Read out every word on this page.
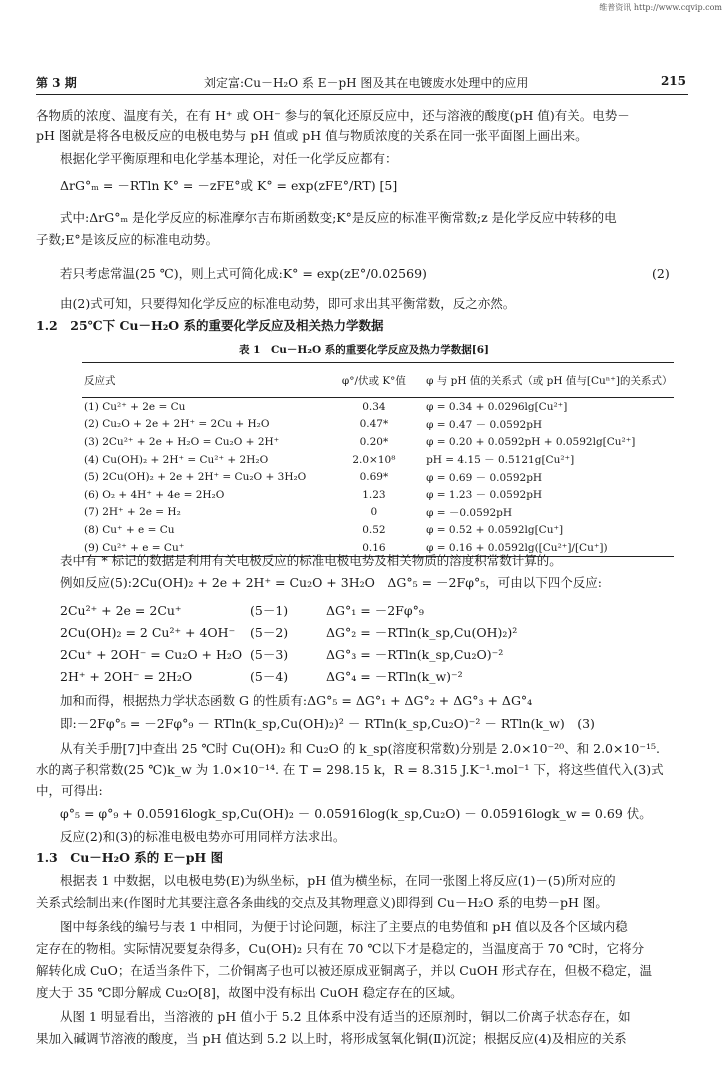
维普资讯 http://www.cqvip.com
第 3 期	刘定富:Cu－H₂O 系 E－pH 图及其在电镀废水处理中的应用	215
各物质的浓度、温度有关，在有 H⁺ 或 OH⁻ 参与的氧化还原反应中，还与溶液的酸度(pH 值)有关。电势－
pH 图就是将各电极反应的电极电势与 pH 值或 pH 值与物质浓度的关系在同一张平面图上画出来。
根据化学平衡原理和电化学基本理论，对任一化学反应都有：
ΔrG°ₘ = －RTln K° = －zFE°或 K° = exp(zFE°/RT) [5]
式中:ΔrG°ₘ 是化学反应的标准摩尔吉布斯函数变;K°是反应的标准平衡常数;z 是化学反应中转移的电
子数;E°是该反应的标准电动势。
若只考虑常温(25 ℃)，则上式可简化成:K° = exp(zE°/0.02569)	(2)
由(2)式可知，只要得知化学反应的标准电动势，即可求出其平衡常数，反之亦然。
1.2　25℃下 Cu－H₂O 系的重要化学反应及相关热力学数据
表 1　Cu－H₂O 系的重要化学反应及热力学数据[6]
反应式	φ°/伏或 K°值	φ 与 pH 值的关系式（或 pH 值与[Cuⁿ⁺]的关系式）
(1) Cu²⁺ + 2e = Cu	0.34	φ = 0.34 + 0.0296lg[Cu²⁺]
(2) Cu₂O + 2e + 2H⁺ = 2Cu + H₂O	0.47*	φ = 0.47 － 0.0592pH
(3) 2Cu²⁺ + 2e + H₂O = Cu₂O + 2H⁺	0.20*	φ = 0.20 + 0.0592pH + 0.0592lg[Cu²⁺]
(4) Cu(OH)₂ + 2H⁺ = Cu²⁺ + 2H₂O	2.0×10⁸	pH = 4.15 － 0.5121g[Cu²⁺]
(5) 2Cu(OH)₂ + 2e + 2H⁺ = Cu₂O + 3H₂O	0.69*	φ = 0.69 － 0.0592pH
(6) O₂ + 4H⁺ + 4e = 2H₂O	1.23	φ = 1.23 － 0.0592pH
(7) 2H⁺ + 2e = H₂	0	φ = －0.0592pH
(8) Cu⁺ + e = Cu	0.52	φ = 0.52 + 0.0592lg[Cu⁺]
(9) Cu²⁺ + e = Cu⁺	0.16	φ = 0.16 + 0.0592lg([Cu²⁺]/[Cu⁺])
表中有 * 标记的数据是利用有关电极反应的标准电极电势及相关物质的溶度积常数计算的。
例如反应(5):2Cu(OH)₂ + 2e + 2H⁺ = Cu₂O + 3H₂O　ΔG°₅ = －2Fφ°₅，可由以下四个反应:
2Cu²⁺ + 2e = 2Cu⁺	(5－1)	ΔG°₁ = －2Fφ°₉
2Cu(OH)₂ = 2 Cu²⁺ + 4OH⁻ (5－2)	ΔG°₂ = －RTln(k_sp,Cu(OH)₂)²
2Cu⁺ + 2OH⁻ = Cu₂O + H₂O (5－3)	ΔG°₃ = －RTln(k_sp,Cu₂O)⁻²
2H⁺ + 2OH⁻ = 2H₂O	(5－4)	ΔG°₄ = －RTln(k_w)⁻²
加和而得，根据热力学状态函数 G 的性质有:ΔG°₅ = ΔG°₁ + ΔG°₂ + ΔG°₃ + ΔG°₄
即:－2Fφ°₅ = －2Fφ°₉ － RTln(k_sp,Cu(OH)₂)² － RTln(k_sp,Cu₂O)⁻² － RTln(k_w)　(3)
从有关手册[7]中查出 25 ℃时 Cu(OH)₂ 和 Cu₂O 的 k_sp(溶度积常数)分别是 2.0×10⁻²⁰、和 2.0×10⁻¹⁵.
水的离子积常数(25 ℃)k_w 为 1.0×10⁻¹⁴. 在 T = 298.15 k，R = 8.315 J.K⁻¹.mol⁻¹ 下，将这些值代入(3)式
中，可得出:
φ°₅ = φ°₉ + 0.05916logk_sp,Cu(OH)₂ － 0.05916log(k_sp,Cu₂O) － 0.05916logk_w = 0.69 伏。
反应(2)和(3)的标准电极电势亦可用同样方法求出。
1.3　Cu－H₂O 系的 E－pH 图
根据表 1 中数据，以电极电势(E)为纵坐标，pH 值为横坐标，在同一张图上将反应(1)－(5)所对应的
关系式绘制出来(作图时尤其要注意各条曲线的交点及其物理意义)即得到 Cu－H₂O 系的电势－pH 图。
图中每条线的编号与表 1 中相同，为便于讨论问题，标注了主要点的电势值和 pH 值以及各个区域内稳
定存在的物相。实际情况要复杂得多，Cu(OH)₂ 只有在 70 ℃以下才是稳定的，当温度高于 70 ℃时，它将分
解转化成 CuO；在适当条件下，二价铜离子也可以被还原成亚铜离子，并以 CuOH 形式存在，但极不稳定，温
度大于 35 ℃即分解成 Cu₂O[8]，故图中没有标出 CuOH 稳定存在的区域。
从图 1 明显看出，当溶液的 pH 值小于 5.2 且体系中没有适当的还原剂时，铜以二价离子状态存在，如
果加入碱调节溶液的酸度，当 pH 值达到 5.2 以上时，将形成氢氧化铜(Ⅱ)沉淀；根据反应(4)及相应的关系
